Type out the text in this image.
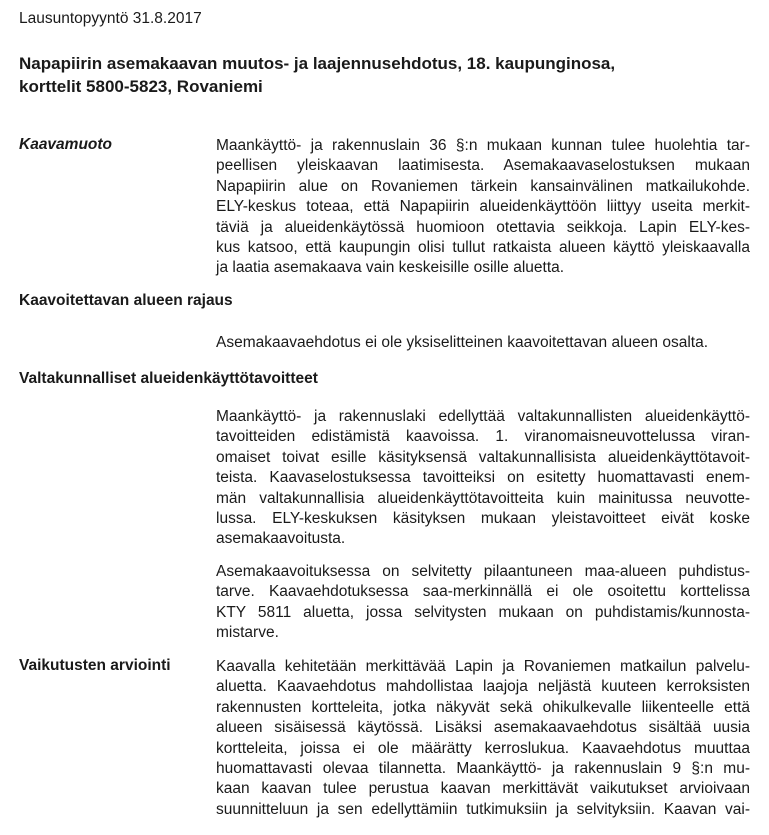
Lausuntopyyntö 31.8.2017
Napapiirin asemakaavan muutos- ja laajennusehdotus, 18. kaupunginosa,
korttelit 5800-5823, Rovaniemi
Kaavamuoto	Maankäyttö- ja rakennuslain 36 §:n mukaan kunnan tulee huolehtia tar-
peellisen yleiskaavan laatimisesta. Asemakaavaselostuksen mukaan
Napapiirin alue on Rovaniemen tärkein kansainvälinen matkailukohde.
ELY-keskus toteaa, että Napapiirin alueidenkäyttöön liittyy useita merkit-
täviä ja alueidenkäytössä huomioon otettavia seikkoja. Lapin ELY-kes-
kus katsoo, että kaupungin olisi tullut ratkaista alueen käyttö yleiskaavalla
ja laatia asemakaava vain keskeisille osille aluetta.
Kaavoitettavan alueen rajaus
Asemakaavaehdotus ei ole yksiselitteinen kaavoitettavan alueen osalta.
Valtakunnalliset alueidenkäyttötavoitteet
Maankäyttö- ja rakennuslaki edellyttää valtakunnallisten alueidenkäyttö-
tavoitteiden edistämistä kaavoissa. 1. viranomaisneuvottelussa viran-
omaiset toivat esille käsityksensä valtakunnallisista alueidenkäyttötavoit-
teista. Kaavaselostuksessa tavoitteiksi on esitetty huomattavasti enem-
män valtakunnallisia alueidenkäyttötavoitteita kuin mainitussa neuvotte-
lussa. ELY-keskuksen käsityksen mukaan yleistavoitteet eivät koske
asemakaavoitusta.
Asemakaavoituksessa on selvitetty pilaantuneen maa-alueen puhdistus-
tarve. Kaavaehdotuksessa saa-merkinnällä ei ole osoitettu korttelissa
KTY 5811 aluetta, jossa selvitysten mukaan on puhdistamis/kunnosta-
mistarve.
Vaikutusten arviointi	Kaavalla kehitetään merkittävää Lapin ja Rovaniemen matkailun palvelu-
aluetta. Kaavaehdotus mahdollistaa laajoja neljästä kuuteen kerroksisten
rakennusten kortteleita, jotka näkyvät sekä ohikulkevalle liikenteelle että
alueen sisäisessä käytössä. Lisäksi asemakaavaehdotus sisältää uusia
kortteleita, joissa ei ole määrätty kerroslukua. Kaavaehdotus muuttaa
huomattavasti olevaa tilannetta. Maankäyttö- ja rakennuslain 9 §:n mu-
kaan kaavan tulee perustua kaavan merkittävät vaikutukset arvioivaan
suunnitteluun ja sen edellyttämiin tutkimuksiin ja selvityksiin. Kaavan vai-
